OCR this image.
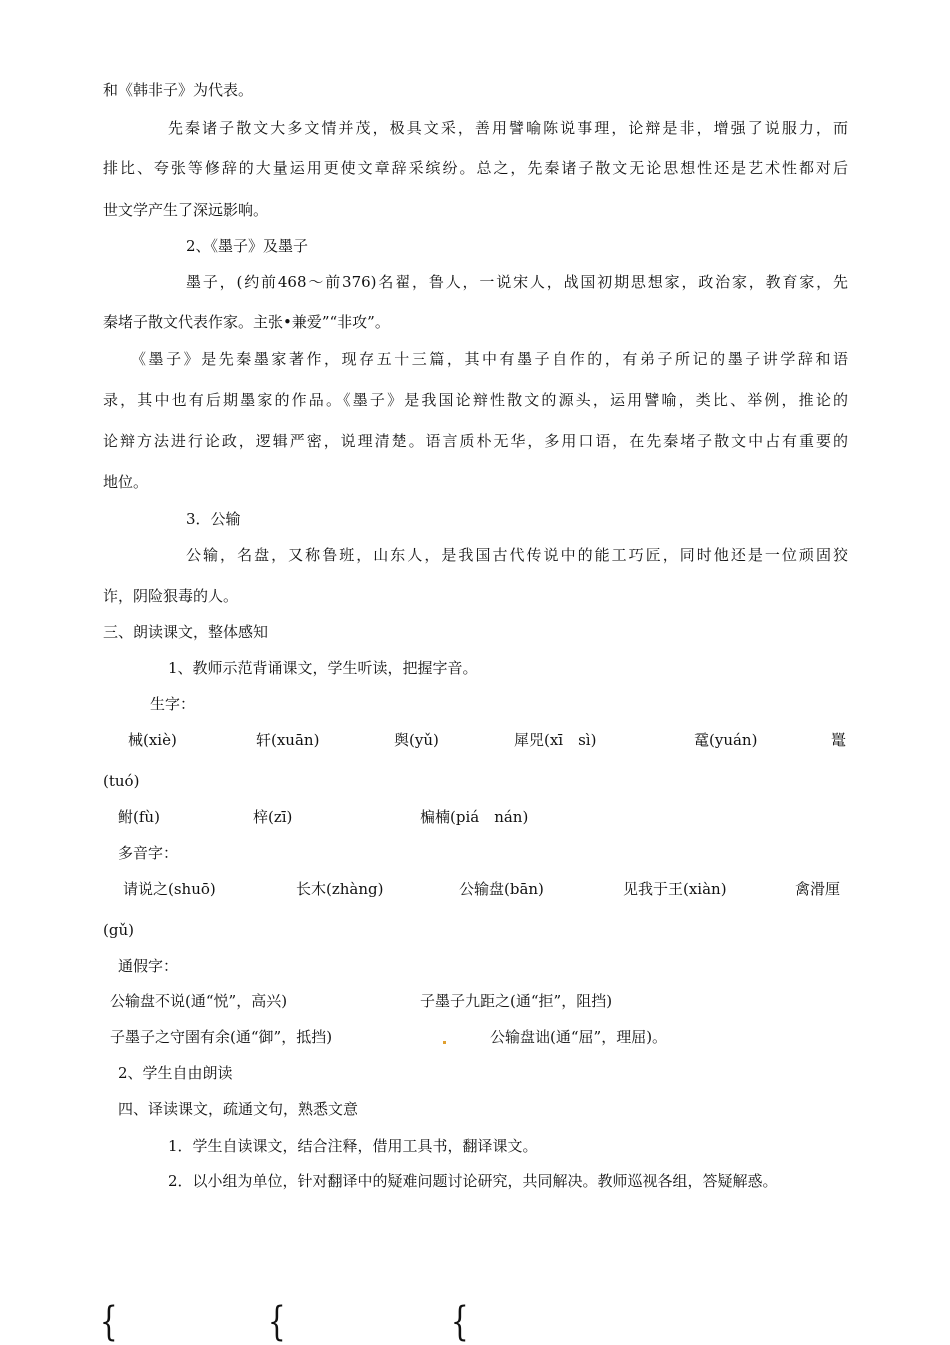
和《韩非子》为代表。
先秦诸子散文大多文情并茂，极具文采，善用譬喻陈说事理，论辩是非，增强了说服力，而
排比、夸张等修辞的大量运用更使文章辞采缤纷。总之，先秦诸子散文无论思想性还是艺术性都对后
世文学产生了深远影响。
2、《墨子》及墨子
墨子，(约前468～前376)名翟，鲁人，一说宋人，战国初期思想家，政治家，教育家，先
秦堵子散文代表作家。主张•兼爱”“非攻”。
《墨子》是先秦墨家著作，现存五十三篇，其中有墨子自作的，有弟子所记的墨子讲学辞和语
录，其中也有后期墨家的作品。《墨子》是我国论辩性散文的源头，运用譬喻，类比、举例，推论的
论辩方法进行论政，逻辑严密，说理清楚。语言质朴无华，多用口语，在先秦堵子散文中占有重要的
地位。
3．公输
公输，名盘，又称鲁班，山东人，是我国古代传说中的能工巧匠，同时他还是一位顽固狡
诈，阴险狠毒的人。
三、朗读课文，整体感知
1、教师示范背诵课文，学生听读，把握字音。
生字：
械(xiè)	轩(xuān)	舆(yǔ)	犀兕(xī　sì)	鼋(yuán)	鼍
(tuó)
鲋(fù)	梓(zī)	楄楠(piá　nán)
多音字：
请说之(shuō)	长木(zhàng)	公输盘(bān)	见我于王(xiàn)	禽滑厘
(gǔ)
通假字：
公输盘不说(通“悦”，高兴)	子墨子九距之(通“拒”，阻挡)
子墨子之守圉有余(通“御”，抵挡)	公输盘诎(通“屈”，理屈)。
2、学生自由朗读
四、译读课文，疏通文句，熟悉文意
1．学生自读课文，结合注释，借用工具书，翻译课文。
2．以小组为单位，针对翻译中的疑难问题讨论研究，共同解决。教师巡视各组，答疑解惑。
{	{	{
